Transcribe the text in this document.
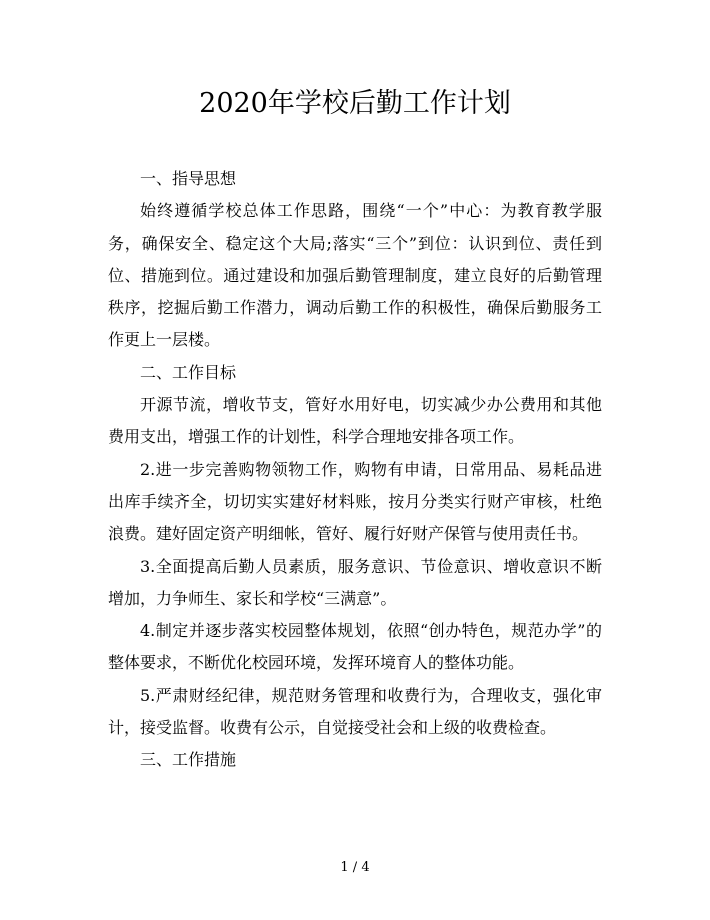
2020年学校后勤工作计划

一、指导思想

始终遵循学校总体工作思路，围绕“一个”中心：为教育教学服务，确保安全、稳定这个大局;落实“三个”到位：认识到位、责任到位、措施到位。通过建设和加强后勤管理制度，建立良好的后勤管理秩序，挖掘后勤工作潜力，调动后勤工作的积极性，确保后勤服务工作更上一层楼。

二、工作目标

开源节流，增收节支，管好水用好电，切实减少办公费用和其他费用支出，增强工作的计划性，科学合理地安排各项工作。

2.进一步完善购物领物工作，购物有申请，日常用品、易耗品进出库手续齐全，切切实实建好材料账，按月分类实行财产审核，杜绝浪费。建好固定资产明细帐，管好、履行好财产保管与使用责任书。

3.全面提高后勤人员素质，服务意识、节俭意识、增收意识不断增加，力争师生、家长和学校“三满意”。

4.制定并逐步落实校园整体规划，依照“创办特色，规范办学”的整体要求，不断优化校园环境，发挥环境育人的整体功能。

5.严肃财经纪律，规范财务管理和收费行为，合理收支，强化审计，接受监督。收费有公示，自觉接受社会和上级的收费检查。

三、工作措施

1 / 4
